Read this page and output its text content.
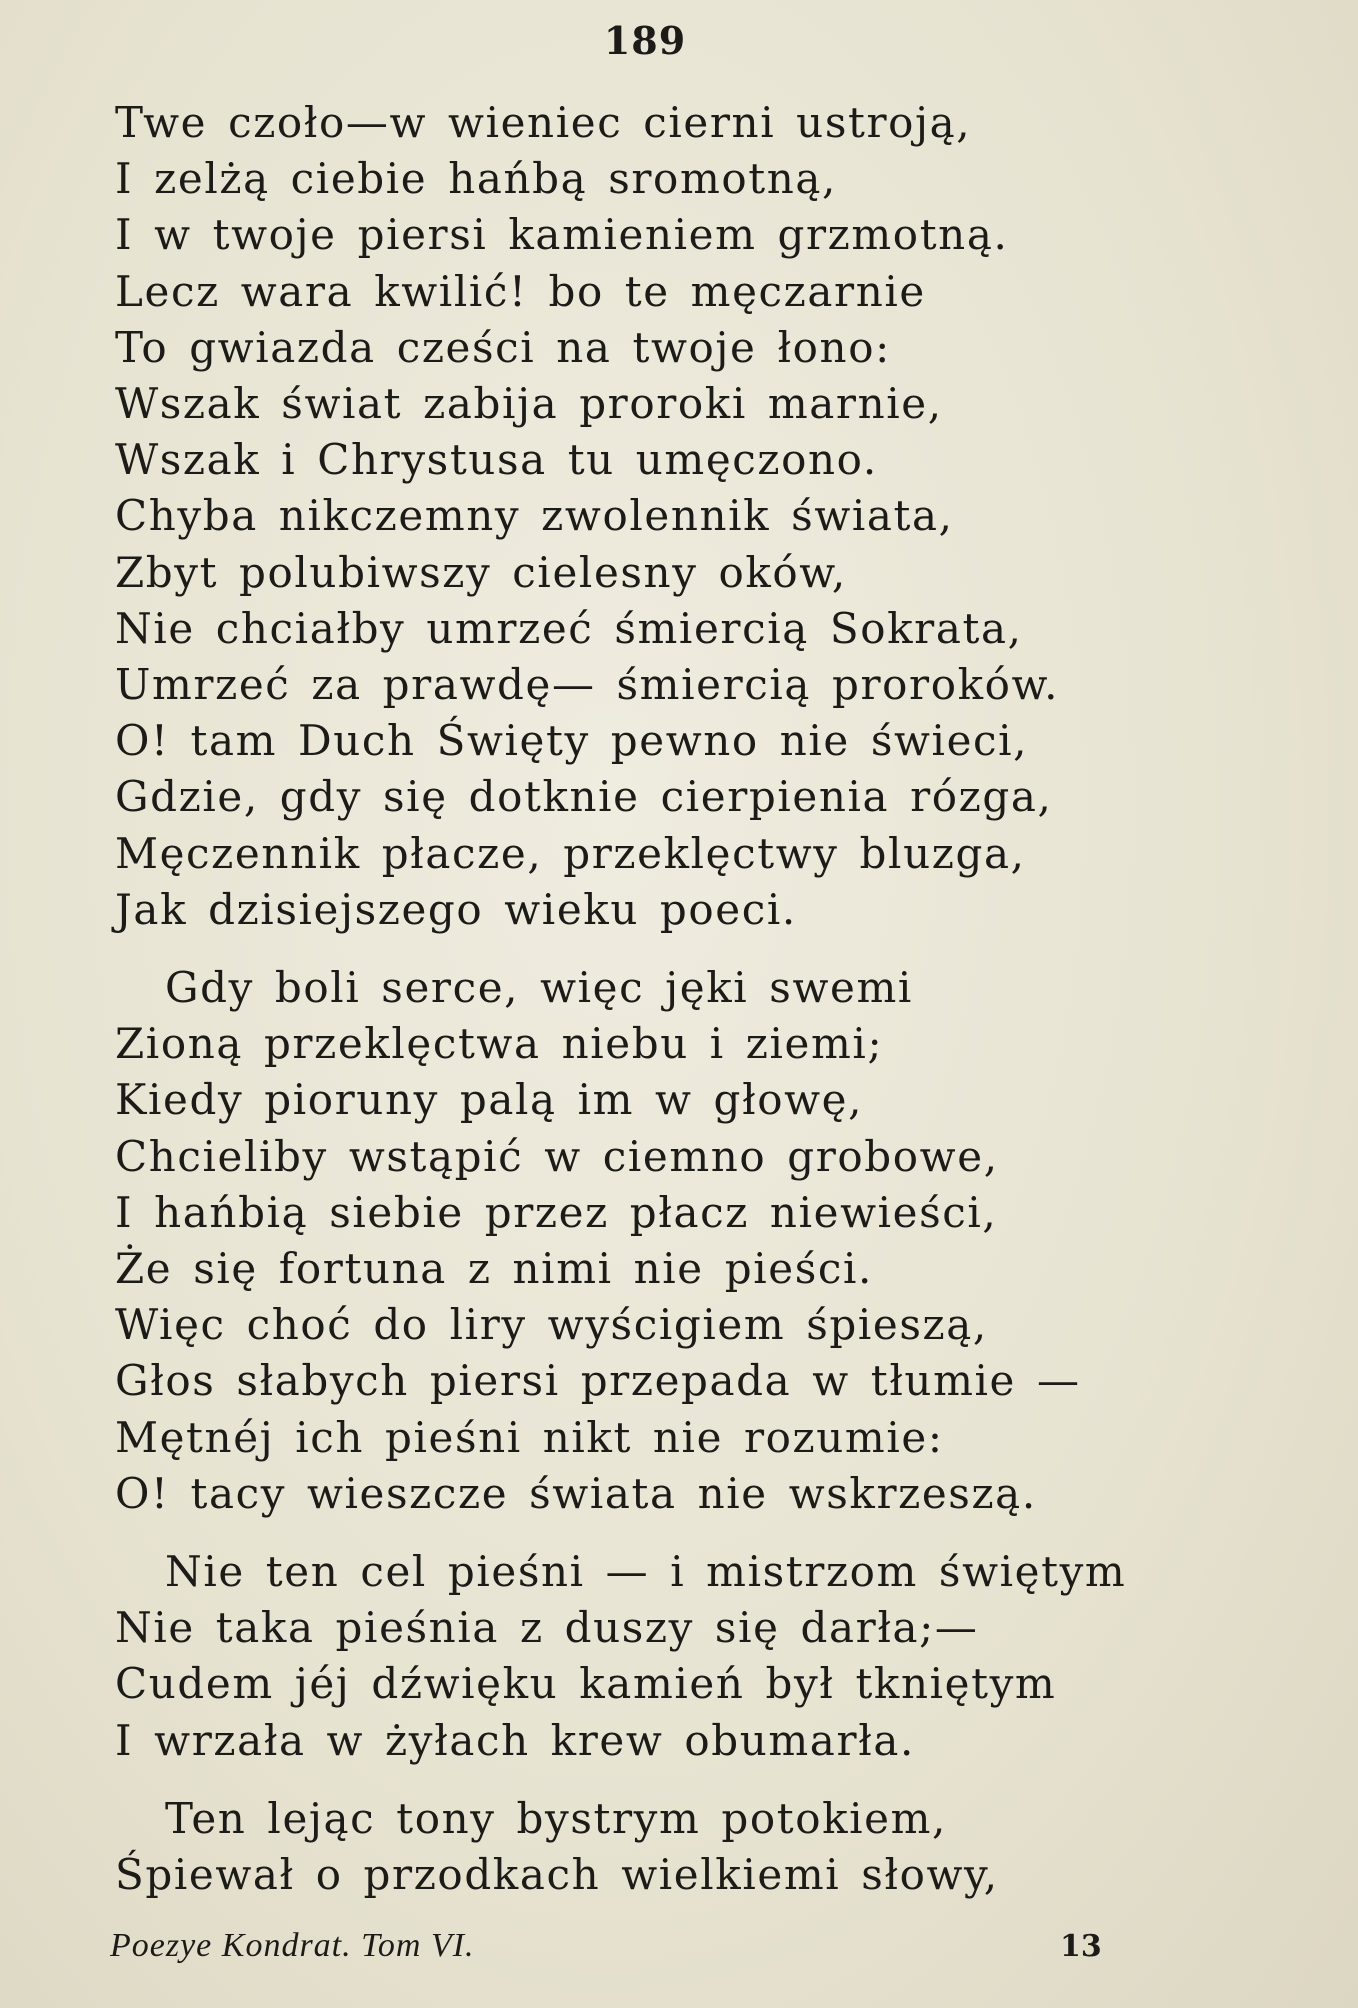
189
Twe czoło—w wieniec cierni ustroją,
I zelżą ciebie hańbą sromotną,
I w twoje piersi kamieniem grzmotną.
Lecz wara kwilić! bo te męczarnie
To gwiazda cześci na twoje łono:
Wszak świat zabija proroki marnie,
Wszak i Chrystusa tu umęczono.
Chyba nikczemny zwolennik świata,
Zbyt polubiwszy cielesny oków,
Nie chciałby umrzeć śmiercią Sokrata,
Umrzeć za prawdę— śmiercią proroków.
O! tam Duch Święty pewno nie świeci,
Gdzie, gdy się dotknie cierpienia rózga,
Męczennik płacze, przeklęctwy bluzga,
Jak dzisiejszego wieku poeci.
Gdy boli serce, więc jęki swemi
Zioną przeklęctwa niebu i ziemi;
Kiedy pioruny palą im w głowę,
Chcieliby wstąpić w ciemno grobowe,
I hańbią siebie przez płacz niewieści,
Że się fortuna z nimi nie pieści.
Więc choć do liry wyścigiem śpieszą,
Głos słabych piersi przepada w tłumie —
Mętnéj ich pieśni nikt nie rozumie:
O! tacy wieszcze świata nie wskrzeszą.
Nie ten cel pieśni — i mistrzom świętym
Nie taka pieśnia z duszy się darła;—
Cudem jéj dźwięku kamień był tkniętym
I wrzała w żyłach krew obumarła.
Ten lejąc tony bystrym potokiem,
Śpiewał o przodkach wielkiemi słowy,
Poezye Kondrat. Tom VI.	13
